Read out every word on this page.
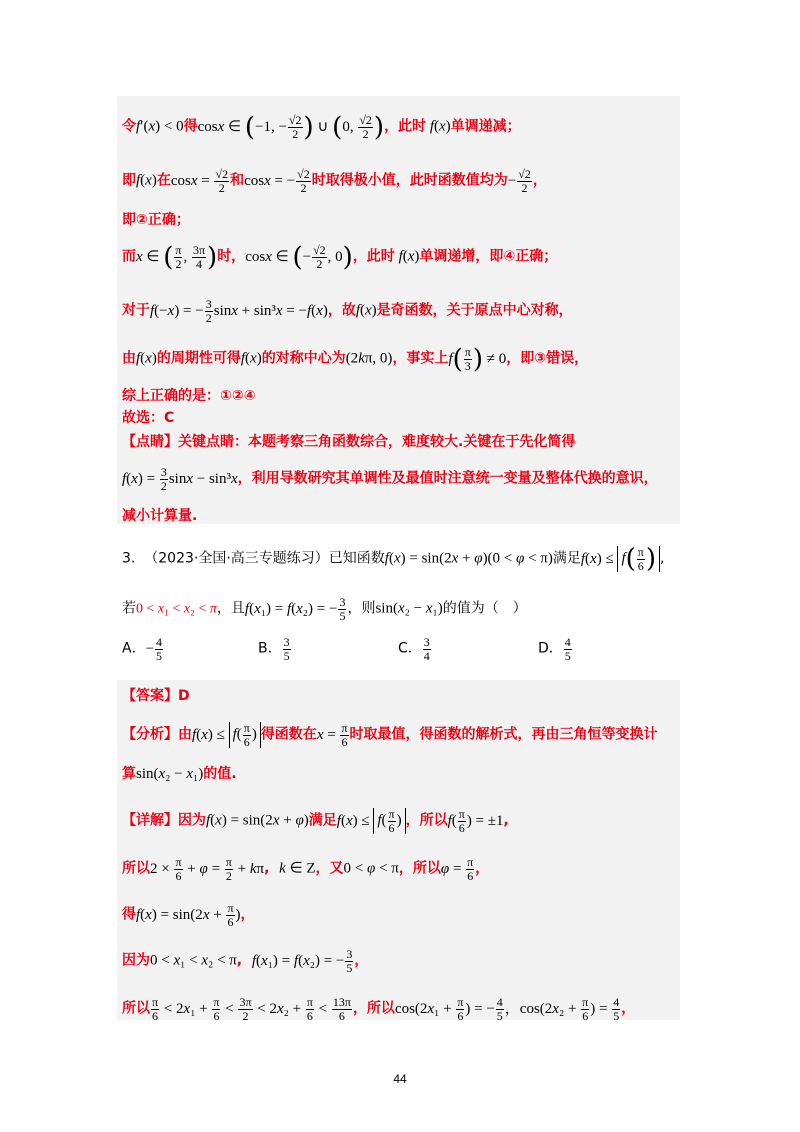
令f′(x) < 0得cosx ∈ (−1, − $\frac{√2}{2}$ ) ∪ (0, $\frac{√2}{2}$ )，此时 f(x)单调递减；
即f(x)在$\cos x = \frac{√2}{2}$ 和cosx = − $\frac{√2}{2}$ 时取得极小值，此时函数值均为− $\frac{√2}{2}$ ，
即②正确；
而x ∈ ( $\frac{\pi}{2}$ , $\frac{3\pi}{4}$ )时，cosx ∈ (− $\frac{√2}{2}$ , 0)，此时 f(x)单调递增，即④正确；
对于f(−x) = − $\frac{3}{2}$ sinx + sin³x = −f(x)，故f(x)是奇函数，关于原点中心对称，
由f(x)的周期性可得f(x)的对称中心为(2kπ, 0)，事实上$f( \frac{\pi}{3}$ ) ≠ 0，即③错误，
综上正确的是：①②④
故选：C
【点睛】关键点睛：本题考察三角函数综合，难度较大.关键在于先化简得
$f(x) = \frac{3}{2}$ sinx − sin³x，利用导数研究其单调性及最值时注意统一变量及整体代换的意识，
减小计算量.
3. （2023·全国·高三专题练习）已知函数f(x) = sin(2x + φ)(0 < φ < π)满足$f(x) \le f( \frac{\pi}{6}$ ) ,
若0 < x₁ < x₂ < π，且f(x₁) = f(x₂) = − $\frac{3}{5}$ ，则sin(x₂ − x₁)的值为（　）
A．− $\frac{4}{5}$	B． $\frac{3}{5}$	C． $\frac{3}{4}$	D． $\frac{4}{5}$
【答案】D
【分析】由$f(x) \le f( \frac{\pi}{6}$ ) 得函数在$x = \frac{\pi}{6}$ 时取最值，得函数的解析式，再由三角恒等变换计
算sin(x₂ − x₁)的值.
【详解】因为f(x) = sin(2x + φ)满足$f(x) \le f( \frac{\pi}{6}$ ) ，所以$f( \frac{\pi}{6}$ ) = ±1,
所以$2 \times \frac{\pi}{6} + \varphi = \frac{\pi}{2} + k\pi$,  k ∈ Z，又0 < φ < π，所以$\varphi = \frac{\pi}{6}$ ，
得$f(x) = \sin(2x + \frac{\pi}{6}$ )，
因为0 < x₁ < x₂ < π,  f(x₁) = f(x₂) = − $\frac{3}{5}$ ，
所以 $\frac{\pi}{6} < 2x_1 + \frac{\pi}{6} < \frac{3\pi}{2} < 2x_2 + \frac{\pi}{6} < \frac{13\pi}{6}$ ，所以$\cos(2x_1 + \frac{\pi}{6}$ ) = − $\frac{4}{5}$ ，$\cos(2x_2 + \frac{\pi}{6}$ ) = $\frac{4}{5}$ ，
44
